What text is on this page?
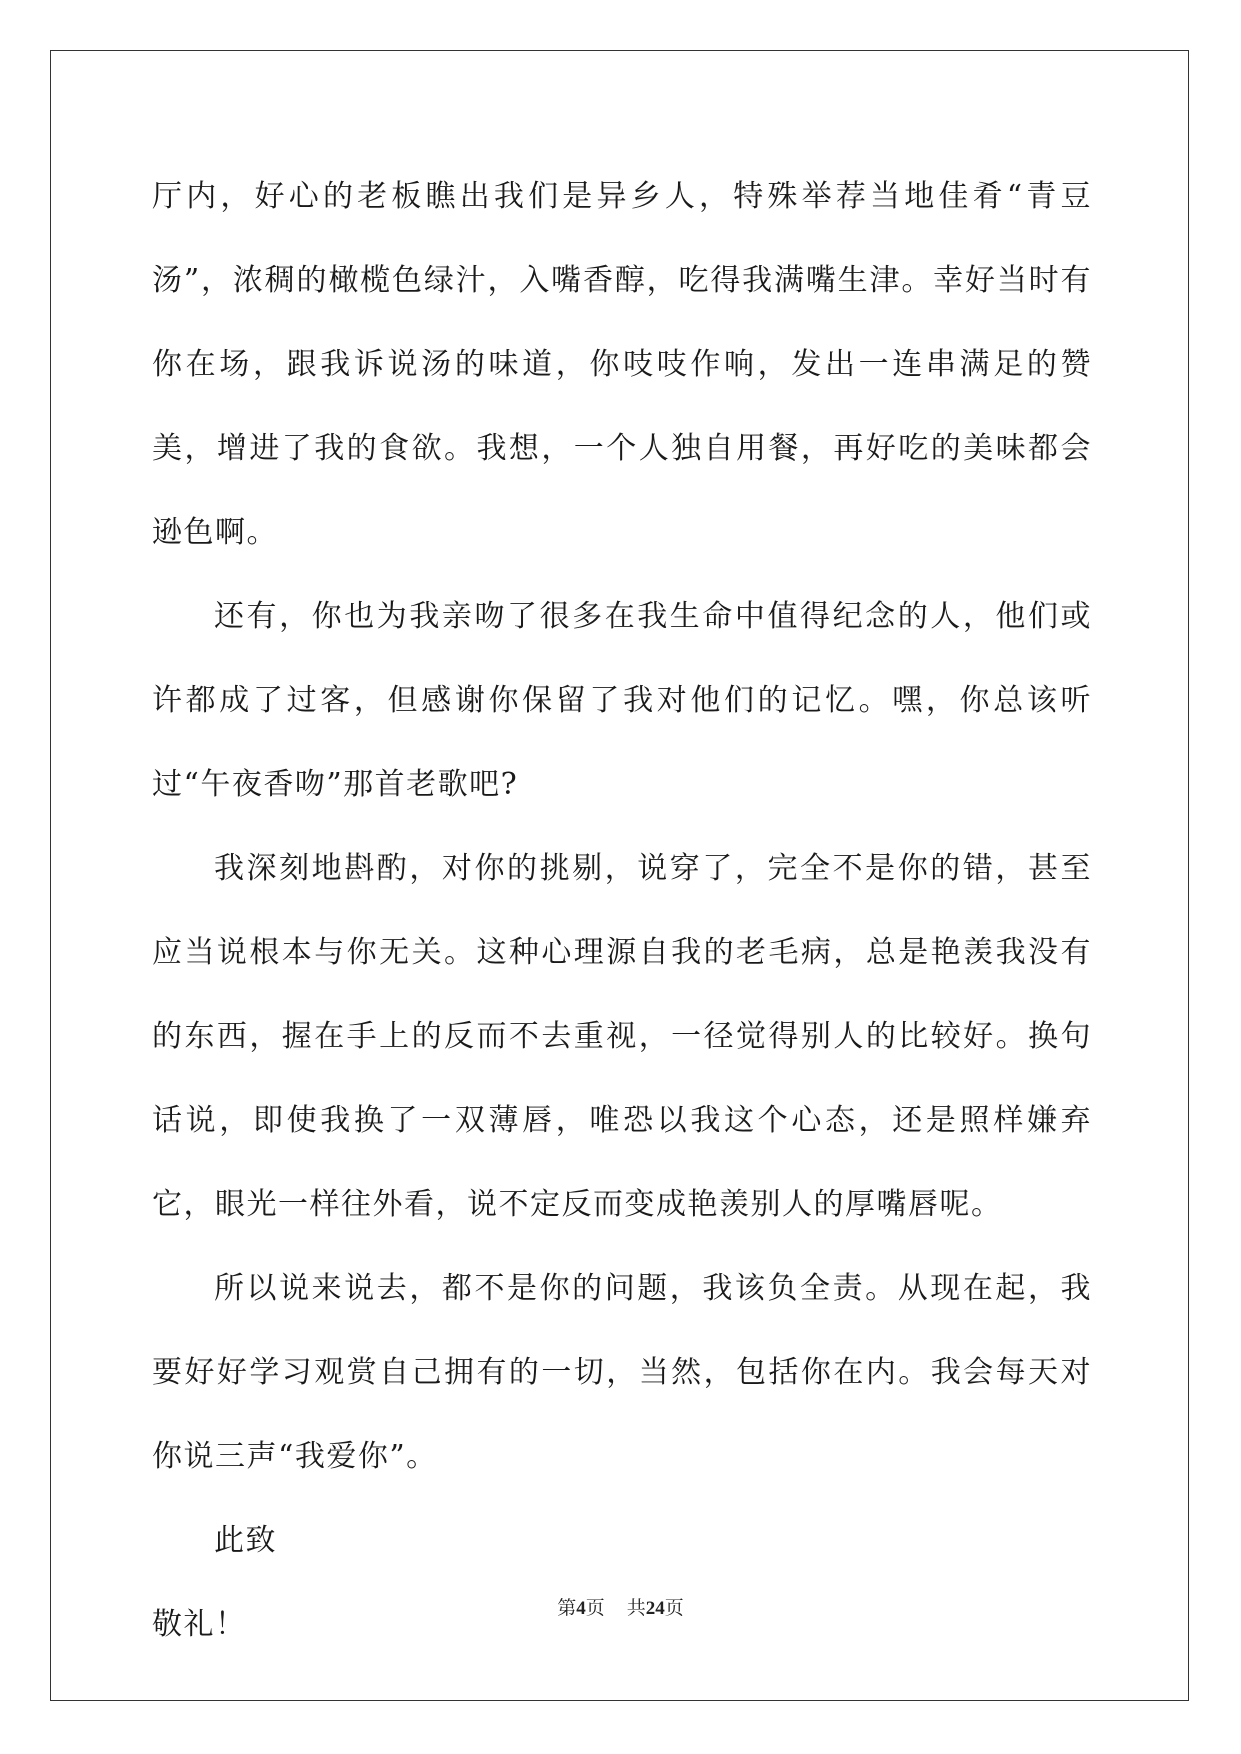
厅内，好心的老板瞧出我们是异乡人，特殊举荐当地佳肴“青豆汤”，浓稠的橄榄色绿汁，入嘴香醇，吃得我满嘴生津。幸好当时有你在场，跟我诉说汤的味道，你吱吱作响，发出一连串满足的赞美，增进了我的食欲。我想，一个人独自用餐，再好吃的美味都会逊色啊。

还有，你也为我亲吻了很多在我生命中值得纪念的人，他们或许都成了过客，但感谢你保留了我对他们的记忆。嘿，你总该听过“午夜香吻”那首老歌吧?

我深刻地斟酌，对你的挑剔，说穿了，完全不是你的错，甚至应当说根本与你无关。这种心理源自我的老毛病，总是艳羡我没有的东西，握在手上的反而不去重视，一径觉得别人的比较好。换句话说，即使我换了一双薄唇，唯恐以我这个心态，还是照样嫌弃它，眼光一样往外看，说不定反而变成艳羡别人的厚嘴唇呢。

所以说来说去，都不是你的问题，我该负全责。从现在起，我要好好学习观赏自己拥有的一切，当然，包括你在内。我会每天对你说三声“我爱你”。

此致

敬礼！	第4页 共24页
